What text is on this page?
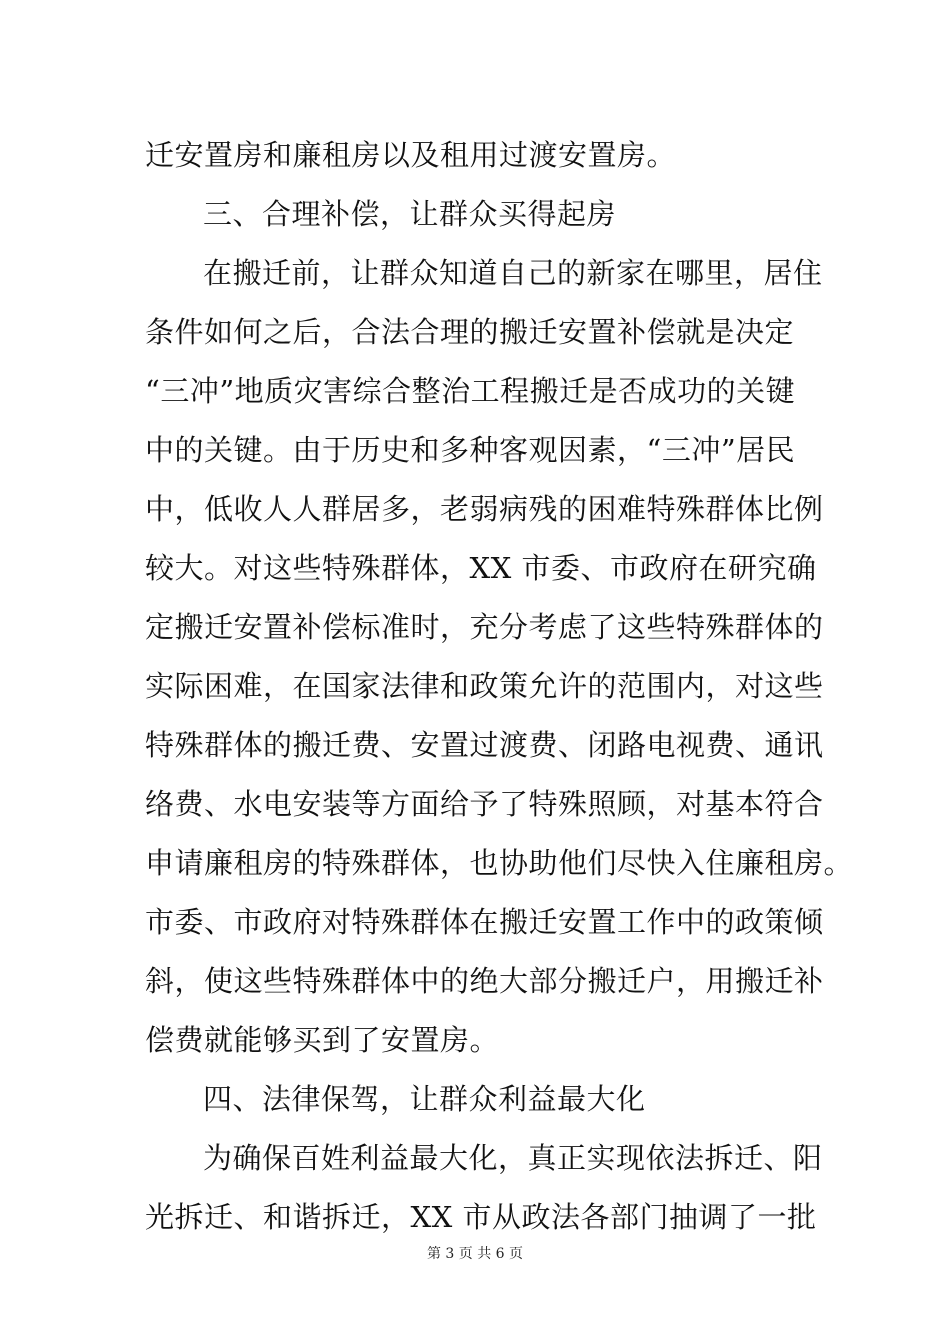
迁安置房和廉租房以及租用过渡安置房。
三、合理补偿，让群众买得起房
在搬迁前，让群众知道自己的新家在哪里，居住
条件如何之后，合法合理的搬迁安置补偿就是决定
“三冲”地质灾害综合整治工程搬迁是否成功的关键
中的关键。由于历史和多种客观因素，“三冲”居民
中，低收人人群居多，老弱病残的困难特殊群体比例
较大。对这些特殊群体，XX 市委、市政府在研究确
定搬迁安置补偿标准时，充分考虑了这些特殊群体的
实际困难，在国家法律和政策允许的范围内，对这些
特殊群体的搬迁费、安置过渡费、闭路电视费、通讯
络费、水电安装等方面给予了特殊照顾，对基本符合
申请廉租房的特殊群体，也协助他们尽快入住廉租房。
市委、市政府对特殊群体在搬迁安置工作中的政策倾
斜，使这些特殊群体中的绝大部分搬迁户，用搬迁补
偿费就能够买到了安置房。
四、法律保驾，让群众利益最大化
为确保百姓利益最大化，真正实现依法拆迁、阳
光拆迁、和谐拆迁，XX 市从政法各部门抽调了一批
第 3 页 共 6 页
